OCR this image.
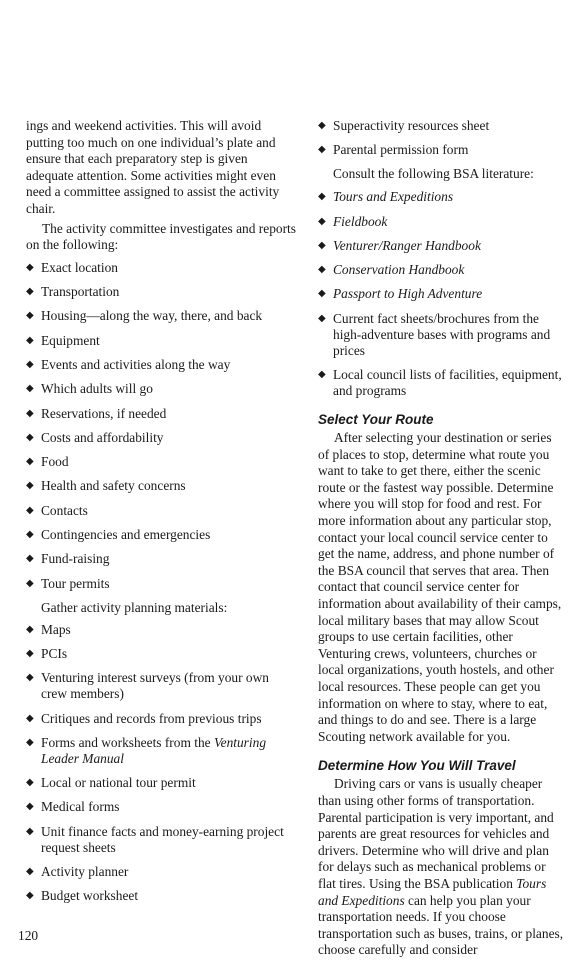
ings and weekend activities. This will avoid putting too much on one individual’s plate and ensure that each preparatory step is given adequate attention. Some activities might even need a committee assigned to assist the activity chair.

The activity committee investigates and reports on the following:

◆ Exact location
◆ Transportation
◆ Housing—along the way, there, and back
◆ Equipment
◆ Events and activities along the way
◆ Which adults will go
◆ Reservations, if needed
◆ Costs and affordability
◆ Food
◆ Health and safety concerns
◆ Contacts
◆ Contingencies and emergencies
◆ Fund-raising
◆ Tour permits

Gather activity planning materials:

◆ Maps
◆ PCIs
◆ Venturing interest surveys (from your own crew members)
◆ Critiques and records from previous trips
◆ Forms and worksheets from the Venturing Leader Manual
◆ Local or national tour permit
◆ Medical forms
◆ Unit finance facts and money-earning project request sheets
◆ Activity planner
◆ Budget worksheet
◆ Superactivity resources sheet
◆ Parental permission form

Consult the following BSA literature:

◆ Tours and Expeditions
◆ Fieldbook
◆ Venturer/Ranger Handbook
◆ Conservation Handbook
◆ Passport to High Adventure
◆ Current fact sheets/brochures from the high-adventure bases with programs and prices
◆ Local council lists of facilities, equipment, and programs
Select Your Route

After selecting your destination or series of places to stop, determine what route you want to take to get there, either the scenic route or the fastest way possible. Determine where you will stop for food and rest. For more information about any particular stop, contact your local council service center to get the name, address, and phone number of the BSA council that serves that area. Then contact that council service center for information about availability of their camps, local military bases that may allow Scout groups to use certain facilities, other Venturing crews, volunteers, churches or local organizations, youth hostels, and other local resources. These people can get you information on where to stay, where to eat, and things to do and see. There is a large Scouting network available for you.

Determine How You Will Travel

Driving cars or vans is usually cheaper than using other forms of transportation. Parental participation is very important, and parents are great resources for vehicles and drivers. Determine who will drive and plan for delays such as mechanical problems or flat tires. Using the BSA publication Tours and Expeditions can help you plan your transportation needs. If you choose transportation such as buses, trains, or planes, choose carefully and consider

120
